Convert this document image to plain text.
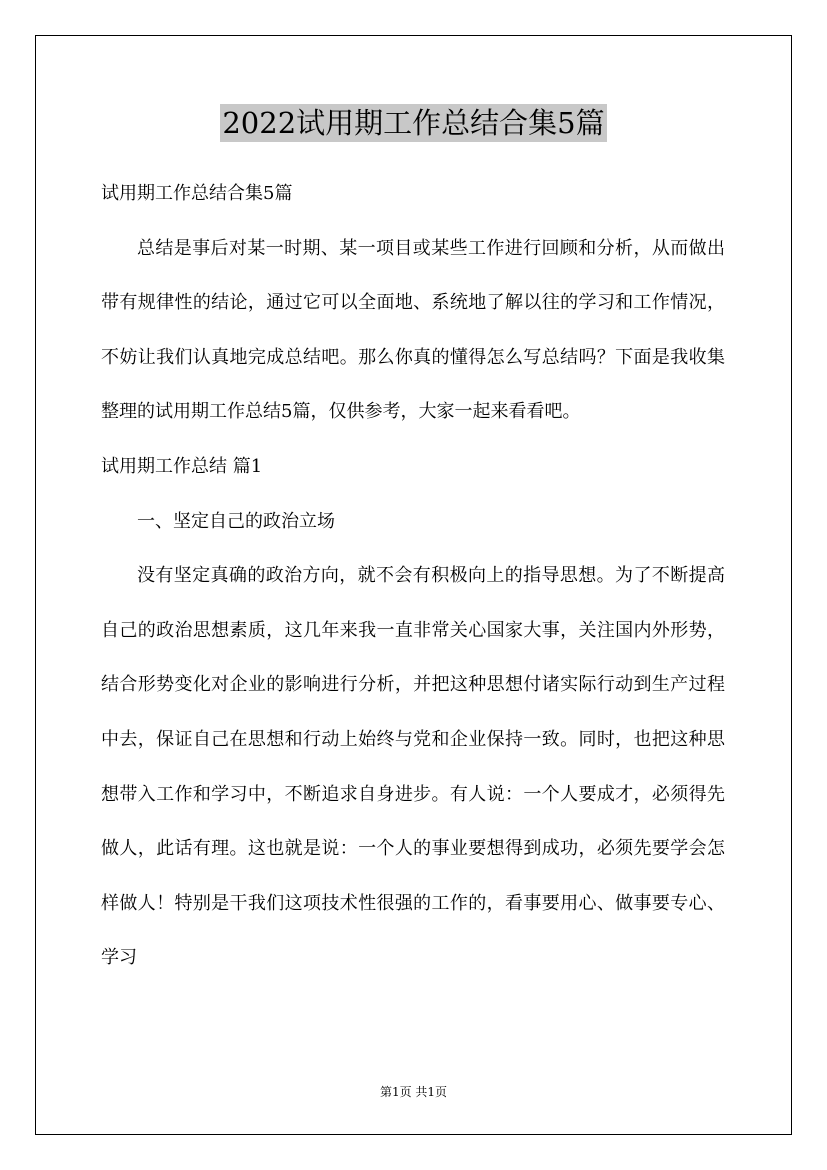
2022试用期工作总结合集5篇

试用期工作总结合集5篇

总结是事后对某一时期、某一项目或某些工作进行回顾和分析，从而做出带有规律性的结论，通过它可以全面地、系统地了解以往的学习和工作情况，不妨让我们认真地完成总结吧。那么你真的懂得怎么写总结吗？下面是我收集整理的试用期工作总结5篇，仅供参考，大家一起来看看吧。

试用期工作总结 篇1

一、坚定自己的政治立场

没有坚定真确的政治方向，就不会有积极向上的指导思想。为了不断提高自己的政治思想素质，这几年来我一直非常关心国家大事，关注国内外形势，结合形势变化对企业的影响进行分析，并把这种思想付诸实际行动到生产过程中去，保证自己在思想和行动上始终与党和企业保持一致。同时，也把这种思想带入工作和学习中，不断追求自身进步。有人说：一个人要成才，必须得先做人，此话有理。这也就是说：一个人的事业要想得到成功，必须先要学会怎样做人！特别是干我们这项技术性很强的工作的，看事要用心、做事要专心、学习

第1页 共1页
